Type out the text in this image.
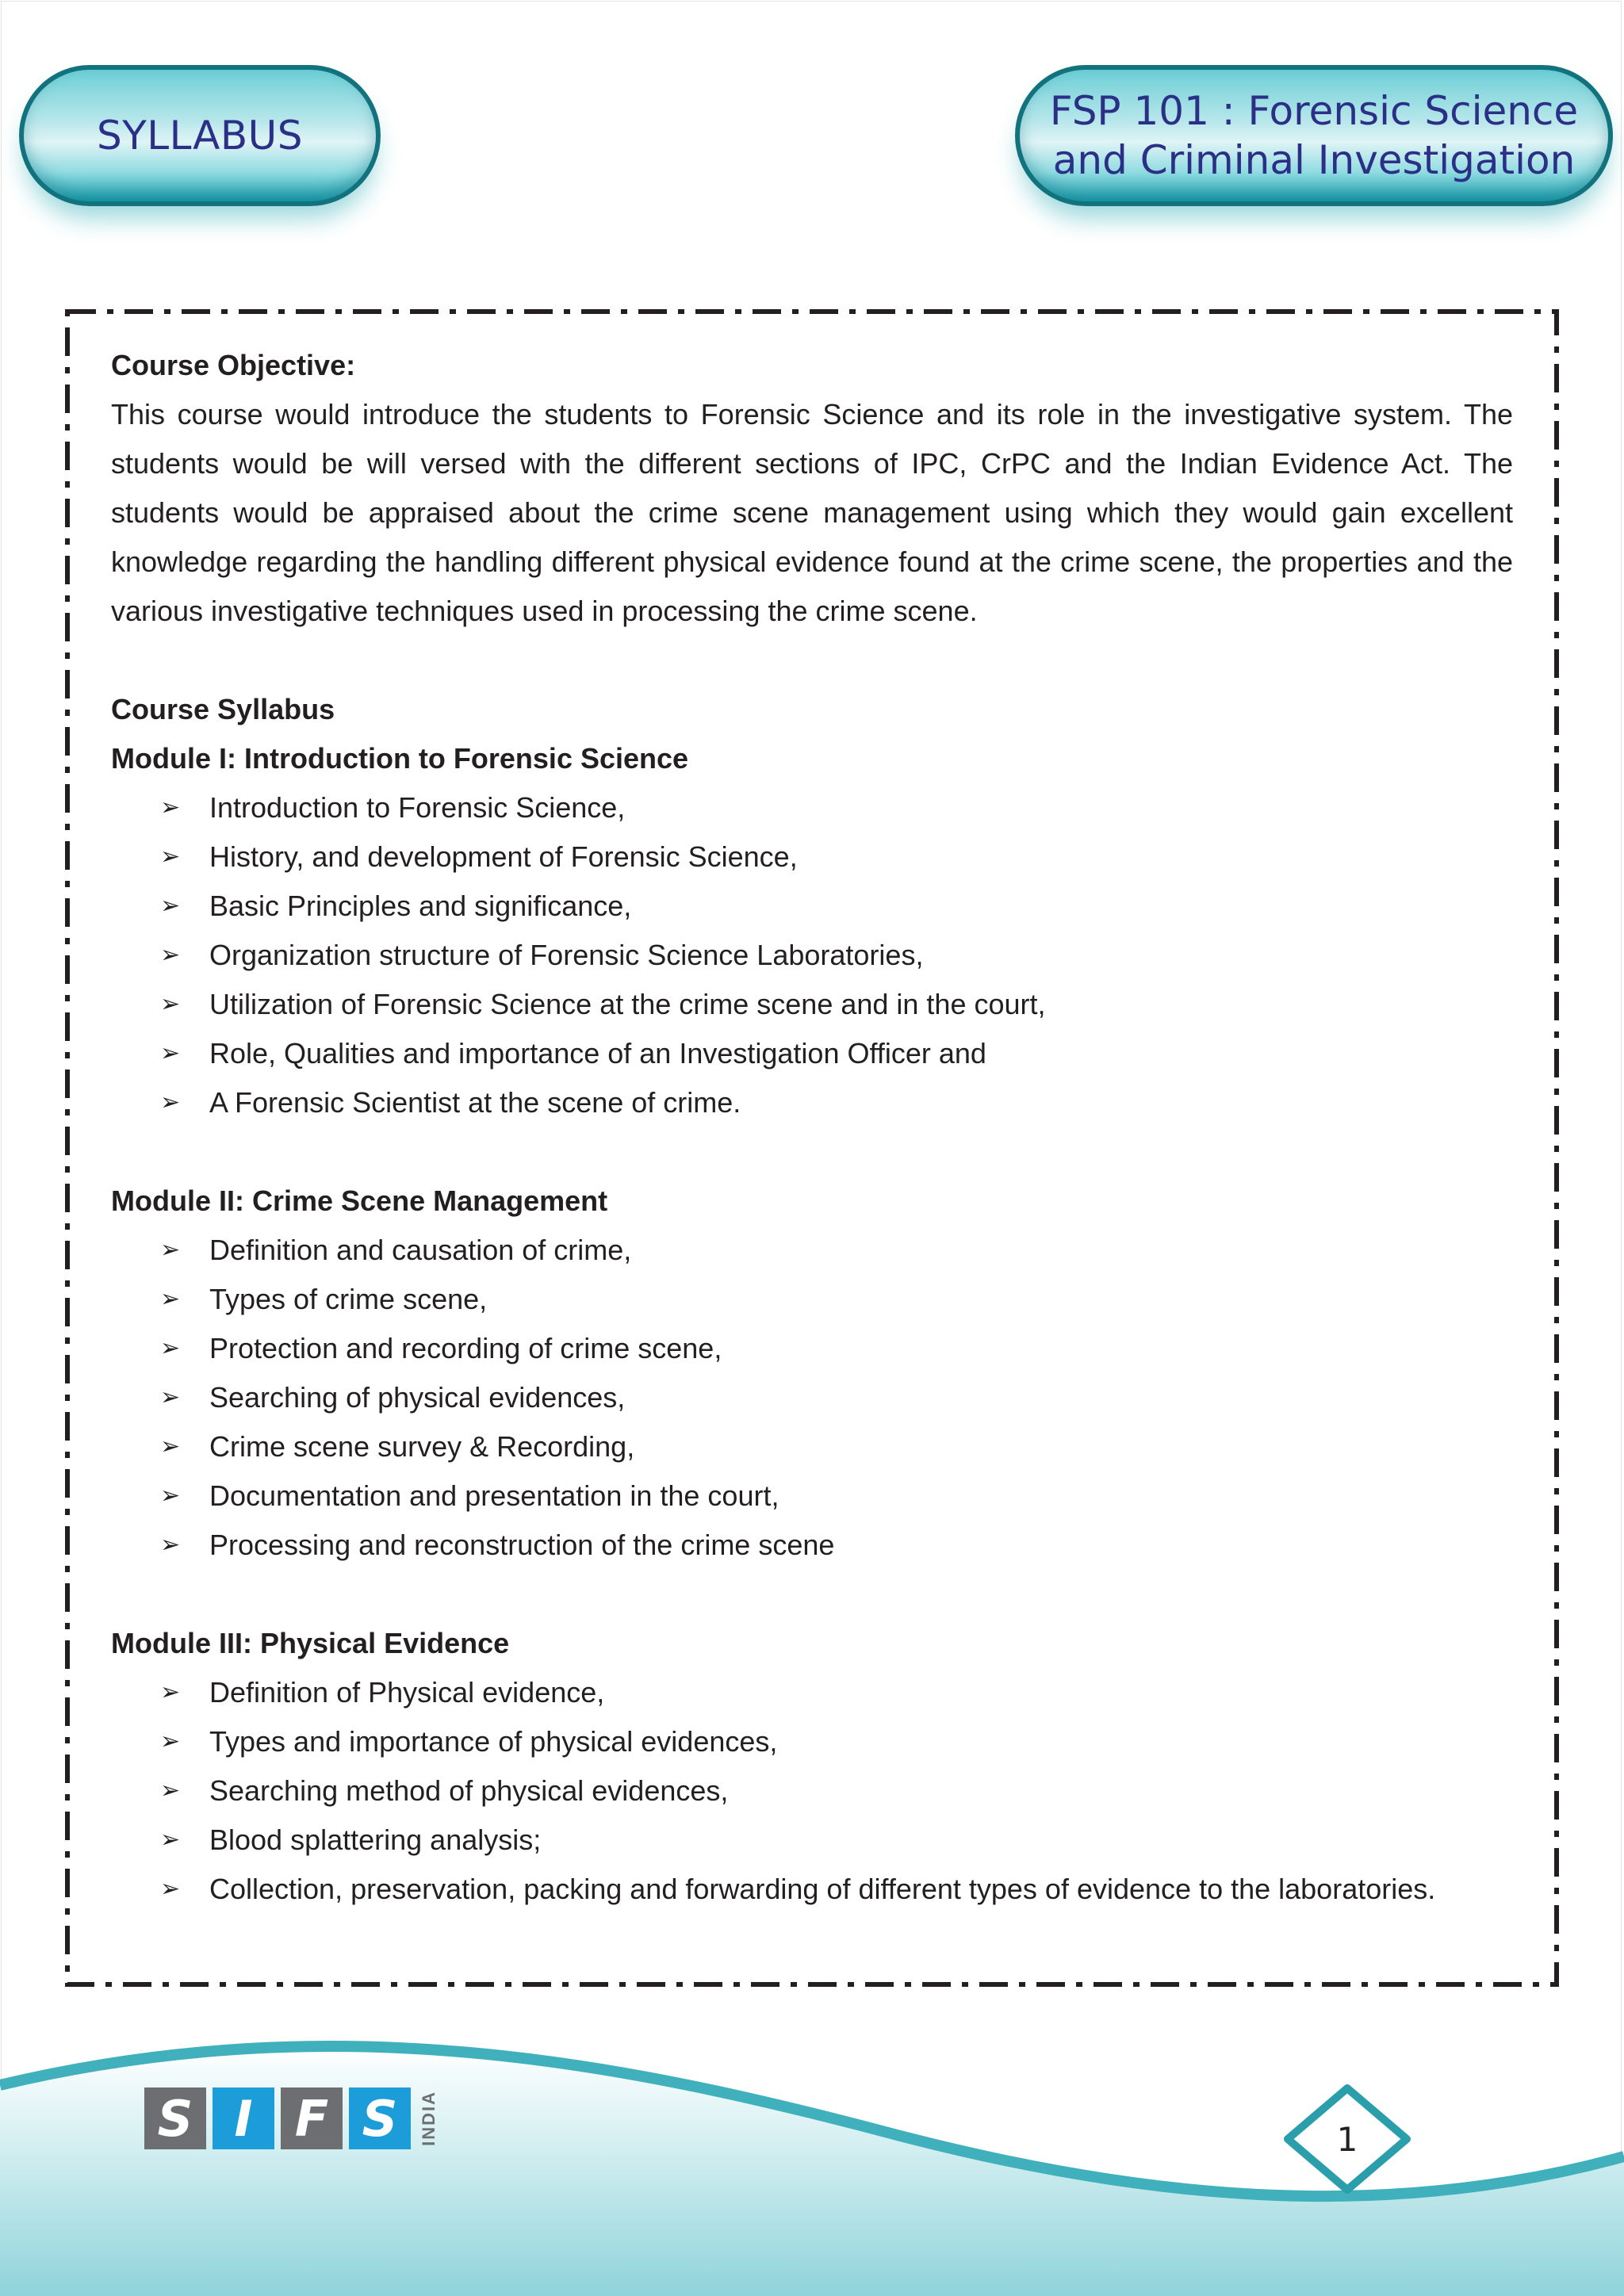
SYLLABUS
FSP 101 : Forensic Science
and Criminal Investigation

Course Objective:

This course would introduce the students to Forensic Science and its role in the investigative system. The students would be will versed with the different sections of IPC, CrPC and the Indian Evidence Act. The students would be appraised about the crime scene management using which they would gain excellent knowledge regarding the handling different physical evidence found at the crime scene, the properties and the various investigative techniques used in processing the crime scene.

Course Syllabus

Module I: Introduction to Forensic Science

➢ Introduction to Forensic Science,
➢ History, and development of Forensic Science,
➢ Basic Principles and significance,
➢ Organization structure of Forensic Science Laboratories,
➢ Utilization of Forensic Science at the crime scene and in the court,
➢ Role, Qualities and importance of an Investigation Officer and
➢ A Forensic Scientist at the scene of crime.

Module II: Crime Scene Management

➢ Definition and causation of crime,
➢ Types of crime scene,
➢ Protection and recording of crime scene,
➢ Searching of physical evidences,
➢ Crime scene survey & Recording,
➢ Documentation and presentation in the court,
➢ Processing and reconstruction of the crime scene

Module III: Physical Evidence

➢ Definition of Physical evidence,
➢ Types and importance of physical evidences,
➢ Searching method of physical evidences,
➢ Blood splattering analysis;
➢ Collection, preservation, packing and forwarding of different types of evidence to the laboratories.
S I F S	INDIA	1
